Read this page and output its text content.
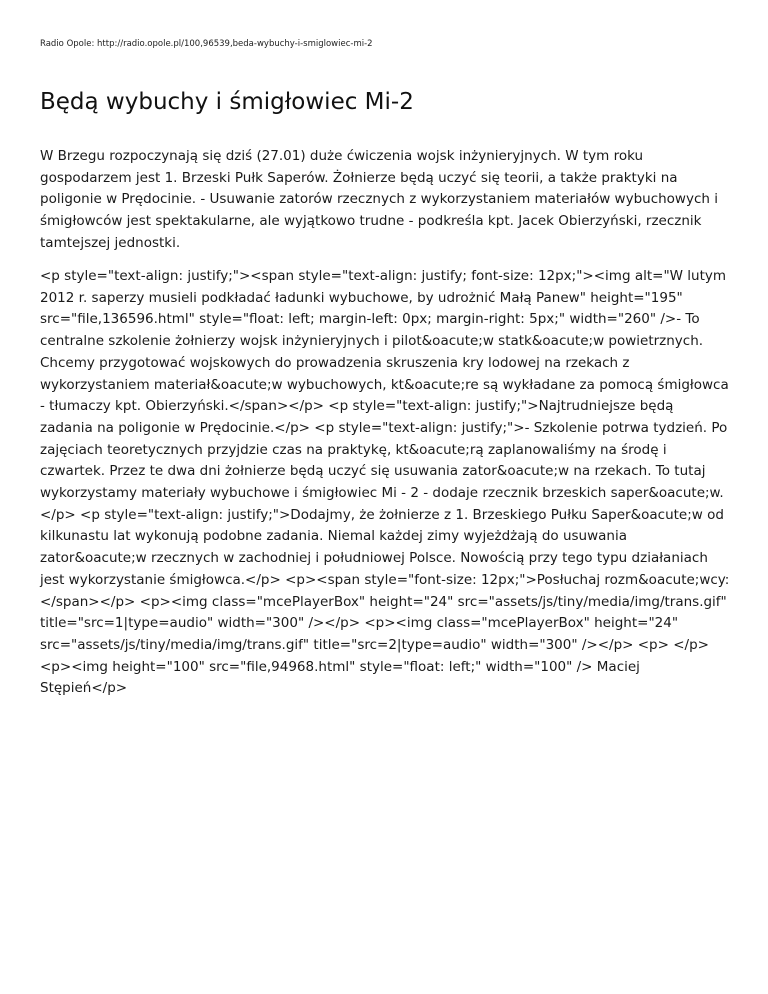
Radio Opole: http://radio.opole.pl/100,96539,beda-wybuchy-i-smiglowiec-mi-2
Będą wybuchy i śmigłowiec Mi-2

W Brzegu rozpoczynają się dziś (27.01) duże ćwiczenia wojsk inżynieryjnych. W tym roku gospodarzem jest 1. Brzeski Pułk Saperów. Żołnierze będą uczyć się teorii, a także praktyki na poligonie w Prędocinie. - Usuwanie zatorów rzecznych z wykorzystaniem materiałów wybuchowych i śmigłowców jest spektakularne, ale wyjątkowo trudne - podkreśla kpt. Jacek Obierzyński, rzecznik tamtejszej jednostki.

<p style="text-align: justify;"><span style="text-align: justify; font-size: 12px;"><img alt="W lutym 2012 r. saperzy musieli podkładać ładunki wybuchowe, by udrożnić Małą Panew" height="195" src="file,136596.html" style="float: left; margin-left: 0px; margin-right: 5px;" width="260" />- To centralne szkolenie żołnierzy wojsk inżynieryjnych i pilot&oacute;w statk&oacute;w powietrznych. Chcemy przygotować wojskowych do prowadzenia skruszenia kry lodowej na rzekach z wykorzystaniem materiał&oacute;w wybuchowych, kt&oacute;re są wykładane za pomocą śmigłowca - tłumaczy kpt. Obierzyński.</span></p> <p style="text-align: justify;">Najtrudniejsze będą zadania na poligonie w Prędocinie.</p> <p style="text-align: justify;">- Szkolenie potrwa tydzień. Po zajęciach teoretycznych przyjdzie czas na praktykę, kt&oacute;rą zaplanowaliśmy na środę i czwartek. Przez te dwa dni żołnierze będą uczyć się usuwania zator&oacute;w na rzekach. To tutaj wykorzystamy materiały wybuchowe i śmigłowiec Mi - 2 - dodaje rzecznik brzeskich saper&oacute;w.</p> <p style="text-align: justify;">Dodajmy, że żołnierze z 1. Brzeskiego Pułku Saper&oacute;w od kilkunastu lat wykonują podobne zadania. Niemal każdej zimy wyjeżdżają do usuwania zator&oacute;w rzecznych w zachodniej i południowej Polsce. Nowością przy tego typu działaniach jest wykorzystanie śmigłowca.</p> <p><span style="font-size: 12px;">Posłuchaj rozm&oacute;wcy:</span></p> <p><img class="mcePlayerBox" height="24" src="assets/js/tiny/media/img/trans.gif" title="src=1|type=audio" width="300" /></p> <p><img class="mcePlayerBox" height="24" src="assets/js/tiny/media/img/trans.gif" title="src=2|type=audio" width="300" /></p> <p> </p> <p><img height="100" src="file,94968.html" style="float: left;" width="100" /> Maciej Stępień</p>
